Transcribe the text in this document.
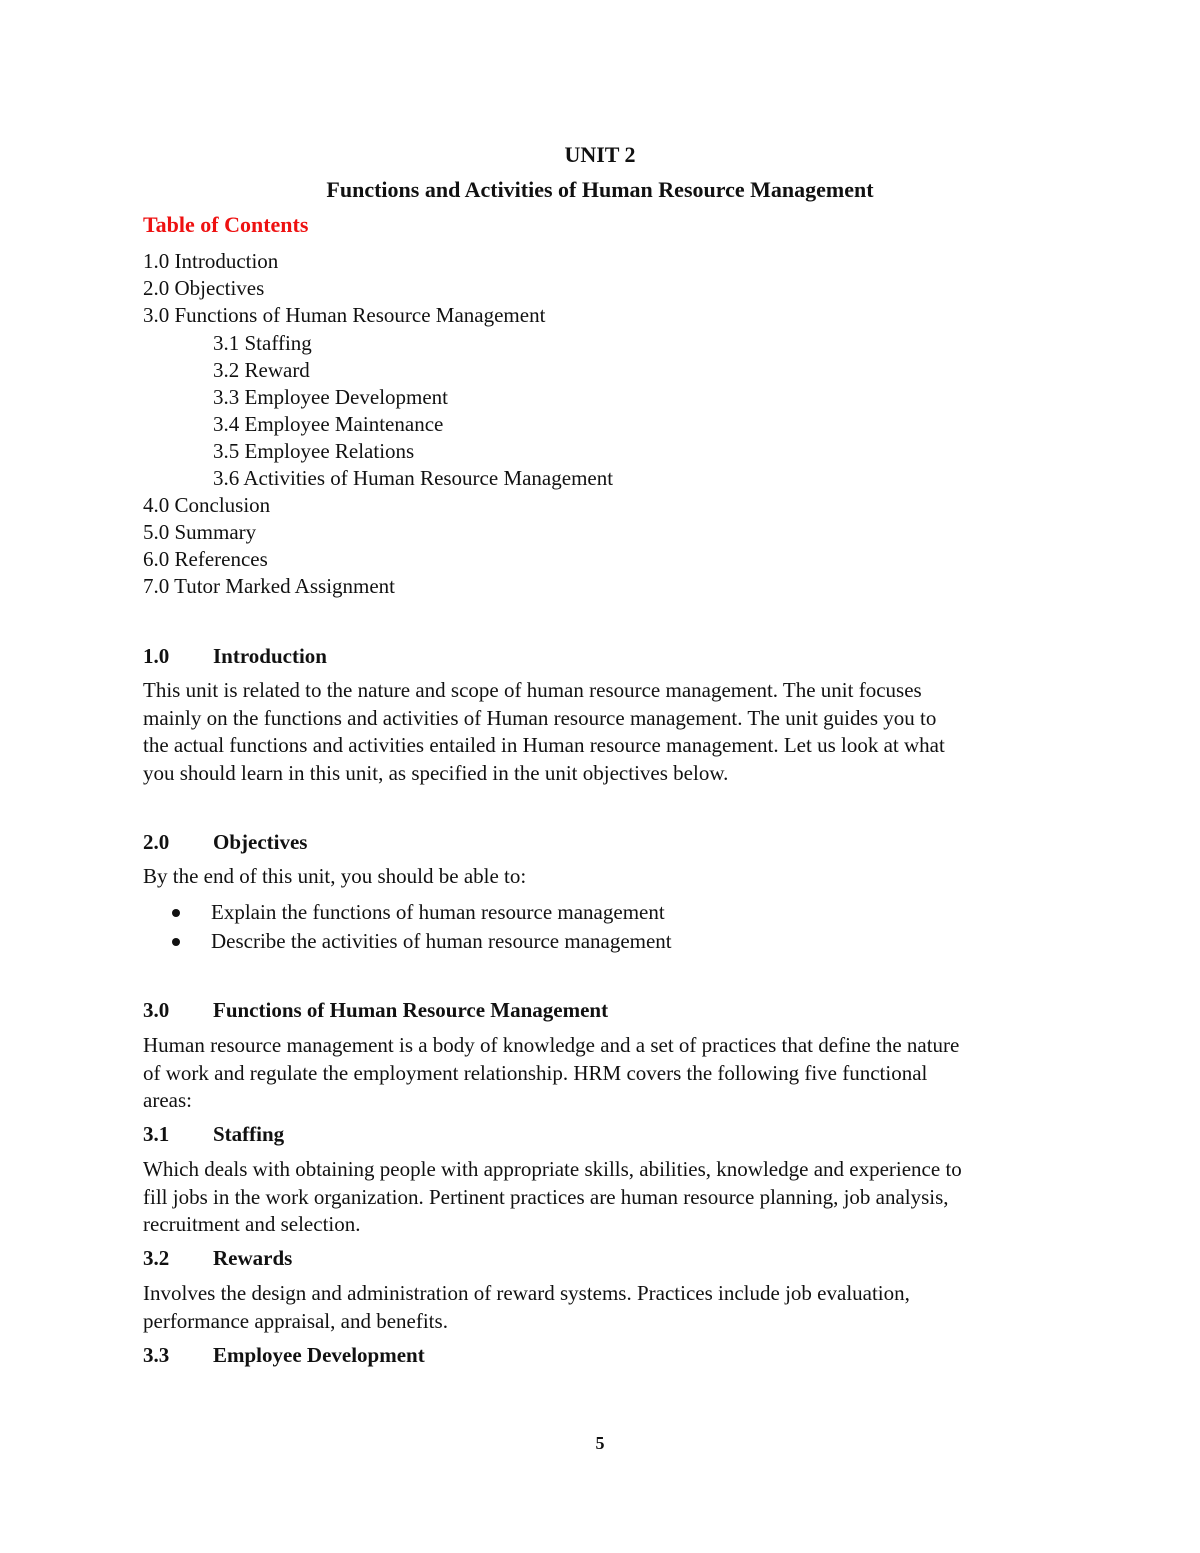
UNIT 2
Functions and Activities of Human Resource Management
Table of Contents
1.0 Introduction
2.0 Objectives
3.0 Functions of Human Resource Management
3.1 Staffing
3.2 Reward
3.3 Employee Development
3.4 Employee Maintenance
3.5 Employee Relations
3.6 Activities of Human Resource Management
4.0 Conclusion
5.0 Summary
6.0 References
7.0 Tutor Marked Assignment
1.0 Introduction
This unit is related to the nature and scope of human resource management. The unit focuses
mainly on the functions and activities of Human resource management. The unit guides you to
the actual functions and activities entailed in Human resource management. Let us look at what
you should learn in this unit, as specified in the unit objectives below.
2.0 Objectives
By the end of this unit, you should be able to:
Explain the functions of human resource management
Describe the activities of human resource management
3.0 Functions of Human Resource Management
Human resource management is a body of knowledge and a set of practices that define the nature
of work and regulate the employment relationship. HRM covers the following five functional
areas:
3.1 Staffing
Which deals with obtaining people with appropriate skills, abilities, knowledge and experience to
fill jobs in the work organization. Pertinent practices are human resource planning, job analysis,
recruitment and selection.
3.2 Rewards
Involves the design and administration of reward systems. Practices include job evaluation,
performance appraisal, and benefits.
3.3 Employee Development
5
